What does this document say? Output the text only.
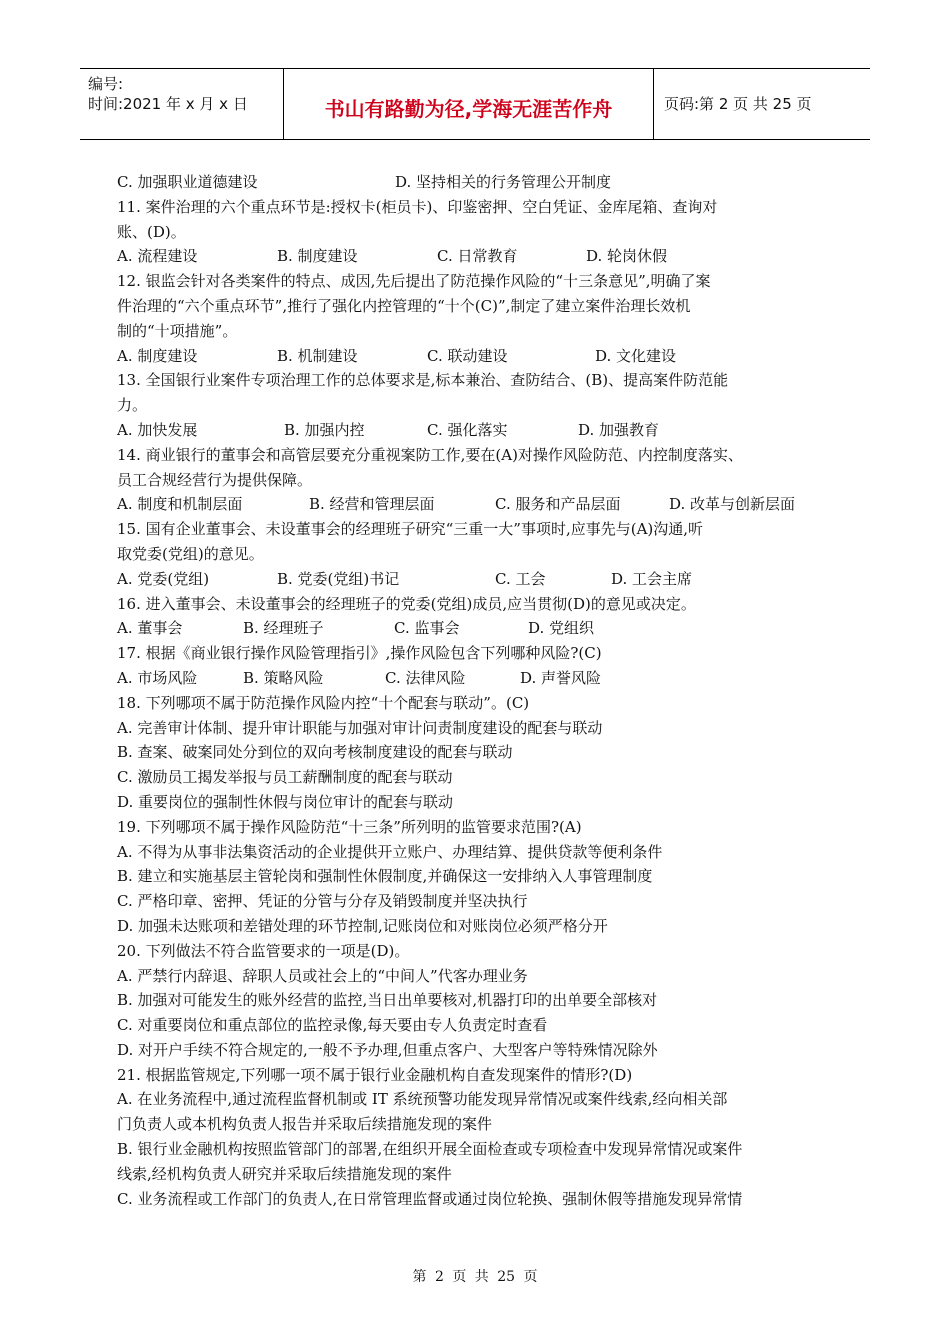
编号:
时间:2021 年 x 月 x 日	书山有路勤为径,学海无涯苦作舟	页码:第 2 页 共 25 页
C. 加强职业道德建设	D. 坚持相关的行务管理公开制度
11. 案件治理的六个重点环节是:授权卡(柜员卡)、印鉴密押、空白凭证、金库尾箱、查询对
账、(D)。
A. 流程建设	B. 制度建设	C. 日常教育	D. 轮岗休假
12. 银监会针对各类案件的特点、成因,先后提出了防范操作风险的“十三条意见”,明确了案
件治理的“六个重点环节”,推行了强化内控管理的“十个(C)”,制定了建立案件治理长效机
制的“十项措施”。
A. 制度建设	B. 机制建设	C. 联动建设	D. 文化建设
13. 全国银行业案件专项治理工作的总体要求是,标本兼治、查防结合、(B)、提高案件防范能
力。
A. 加快发展	B. 加强内控	C. 强化落实	D. 加强教育
14. 商业银行的董事会和高管层要充分重视案防工作,要在(A)对操作风险防范、内控制度落实、
员工合规经营行为提供保障。
A. 制度和机制层面	B. 经营和管理层面	C. 服务和产品层面	D. 改革与创新层面
15. 国有企业董事会、未设董事会的经理班子研究“三重一大”事项时,应事先与(A)沟通,听
取党委(党组)的意见。
A. 党委(党组)	B. 党委(党组)书记	C. 工会	D. 工会主席
16. 进入董事会、未设董事会的经理班子的党委(党组)成员,应当贯彻(D)的意见或决定。
A. 董事会	B. 经理班子	C. 监事会	D. 党组织
17. 根据《商业银行操作风险管理指引》,操作风险包含下列哪种风险?(C)
A. 市场风险	B. 策略风险	C. 法律风险	D. 声誉风险
18. 下列哪项不属于防范操作风险内控“十个配套与联动”。(C)
A. 完善审计体制、提升审计职能与加强对审计问责制度建设的配套与联动
B. 查案、破案同处分到位的双向考核制度建设的配套与联动
C. 激励员工揭发举报与员工薪酬制度的配套与联动
D. 重要岗位的强制性休假与岗位审计的配套与联动
19. 下列哪项不属于操作风险防范“十三条”所列明的监管要求范围?(A)
A. 不得为从事非法集资活动的企业提供开立账户、办理结算、提供贷款等便利条件
B. 建立和实施基层主管轮岗和强制性休假制度,并确保这一安排纳入人事管理制度
C. 严格印章、密押、凭证的分管与分存及销毁制度并坚决执行
D. 加强未达账项和差错处理的环节控制,记账岗位和对账岗位必须严格分开
20. 下列做法不符合监管要求的一项是(D)。
A. 严禁行内辞退、辞职人员或社会上的“中间人”代客办理业务
B. 加强对可能发生的账外经营的监控,当日出单要核对,机器打印的出单要全部核对
C. 对重要岗位和重点部位的监控录像,每天要由专人负责定时查看
D. 对开户手续不符合规定的,一般不予办理,但重点客户、大型客户等特殊情况除外
21. 根据监管规定,下列哪一项不属于银行业金融机构自查发现案件的情形?(D)
A. 在业务流程中,通过流程监督机制或 IT 系统预警功能发现异常情况或案件线索,经向相关部
门负责人或本机构负责人报告并采取后续措施发现的案件
B. 银行业金融机构按照监管部门的部署,在组织开展全面检查或专项检查中发现异常情况或案件
线索,经机构负责人研究并采取后续措施发现的案件
C. 业务流程或工作部门的负责人,在日常管理监督或通过岗位轮换、强制休假等措施发现异常情
第 2 页 共 25 页
